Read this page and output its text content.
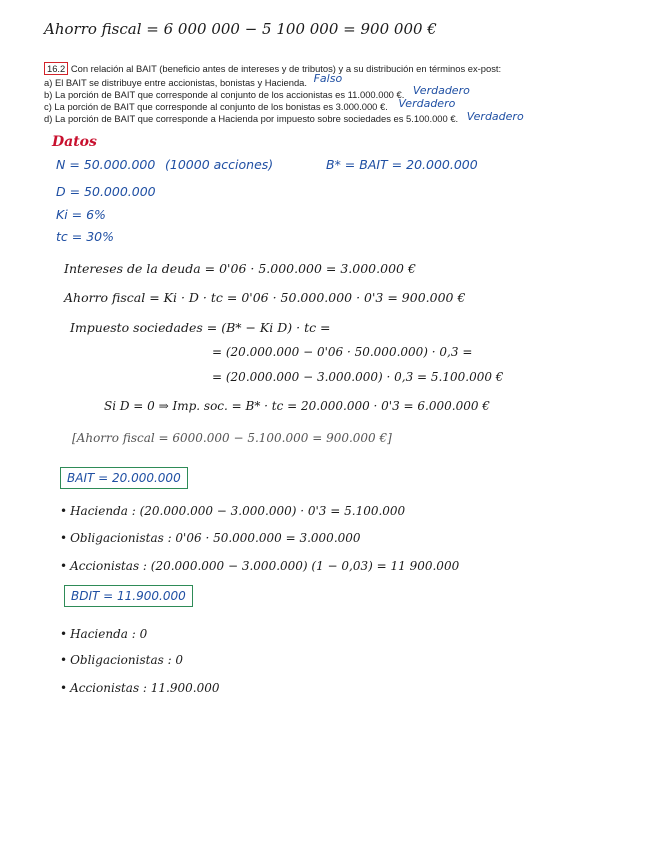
Ahorro fiscal = 6 000 000 − 5 100 000 = 900 000 €
16.2 Con relación al BAIT (beneficio antes de intereses y de tributos) y a su distribución en términos ex-post:
a) El BAIT se distribuye entre accionistas, bonistas y Hacienda. Falso
b) La porción de BAIT que corresponde al conjunto de los accionistas es 11.000.000 €. Verdadero
c) La porción de BAIT que corresponde al conjunto de los bonistas es 3.000.000 €. Verdadero
d) La porción de BAIT que corresponde a Hacienda por impuesto sobre sociedades es 5.100.000 €. Verdadero
Datos
N = 50.000.000 (10000 acciones)	B* = BAIT = 20.000.000
D = 50.000.000
Ki = 6%
tc = 30%
Intereses de la deuda = 0'06 · 5.000.000 = 3.000.000 €
Ahorro fiscal = Ki · D · tc = 0'06 · 50.000.000 · 0'3 = 900.000 €
Impuesto sociedades = (B* − Ki D) · tc =
= (20.000.000 − 0'06 · 50.000.000) · 0,3 =
= (20.000.000 − 3.000.000) · 0,3 = 5.100.000 €
Si D = 0 ⇒ Imp. soc. = B* · tc = 20.000.000 · 0'3 = 6.000.000 €
[Ahorro fiscal = 6000.000 − 5.100.000 = 900.000 €]
BAIT = 20.000.000
• Hacienda : (20.000.000 − 3.000.000) · 0'3 = 5.100.000
• Obligacionistas : 0'06 · 50.000.000 = 3.000.000
• Accionistas : (20.000.000 − 3.000.000) (1 − 0,03) = 11 900.000
BDIT = 11.900.000
• Hacienda : 0
• Obligacionistas : 0
• Accionistas : 11.900.000
